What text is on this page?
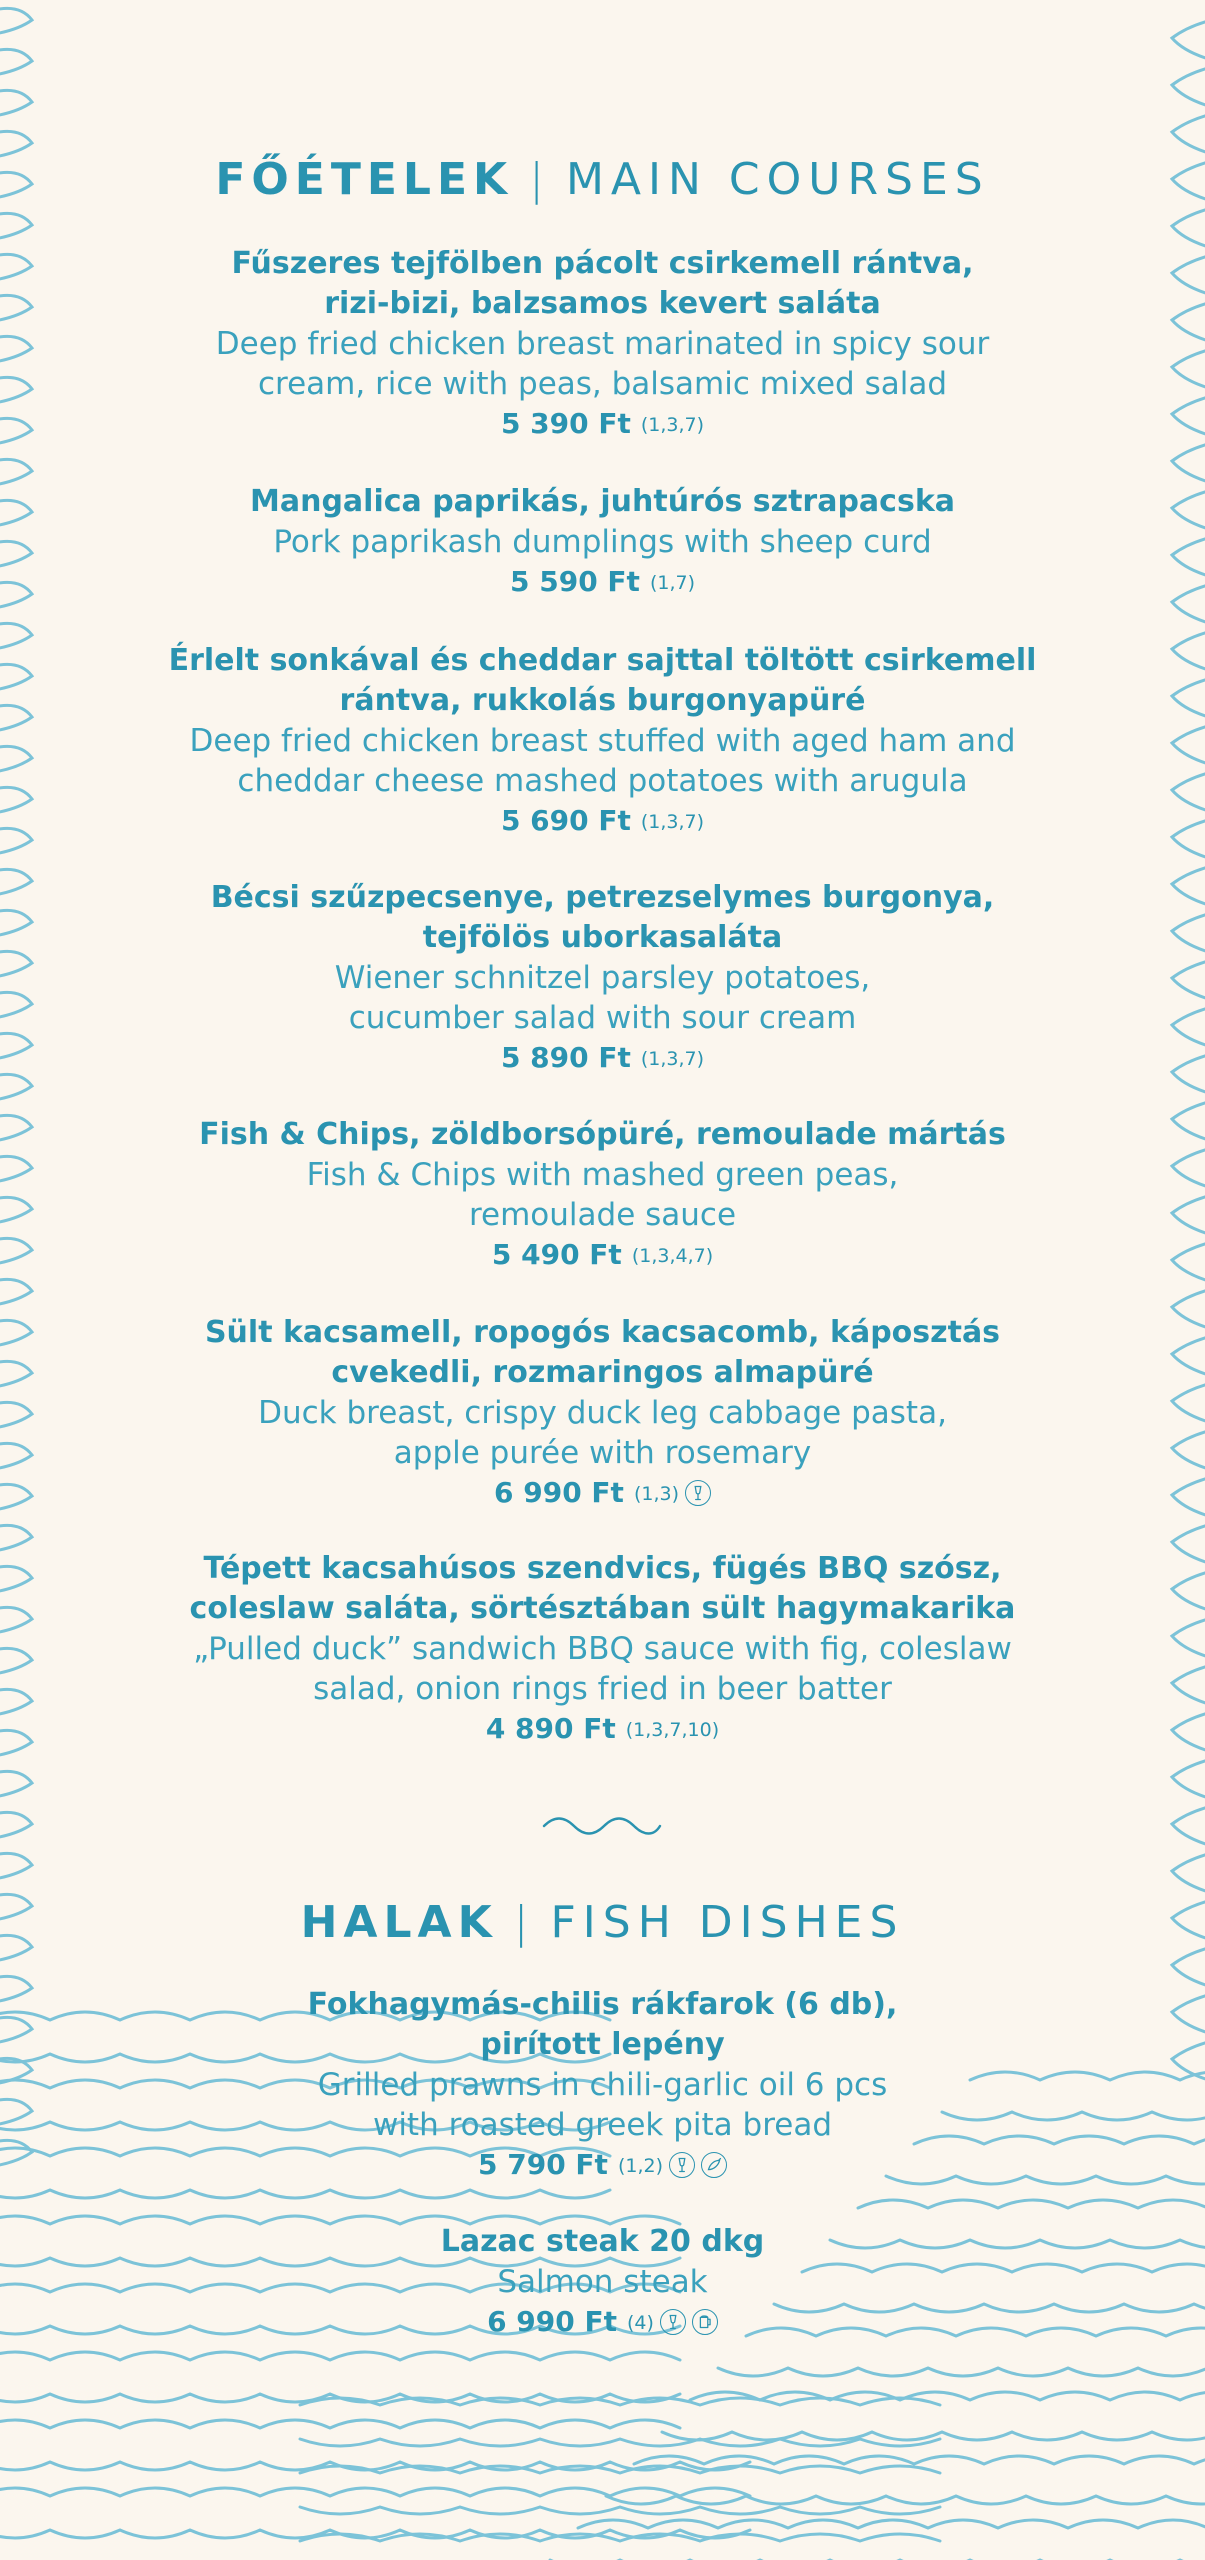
FŐÉTELEK | MAIN COURSES
Fűszeres tejfölben pácolt csirkemell rántva,
rizi-bizi, balzsamos kevert saláta
Deep fried chicken breast marinated in spicy sour
cream, rice with peas, balsamic mixed salad
5 390 Ft (1,3,7)
Mangalica paprikás, juhtúrós sztrapacska
Pork paprikash dumplings with sheep curd
5 590 Ft (1,7)
Érlelt sonkával és cheddar sajttal töltött csirkemell
rántva, rukkolás burgonyapüré
Deep fried chicken breast stuffed with aged ham and
cheddar cheese mashed potatoes with arugula
5 690 Ft (1,3,7)
Bécsi szűzpecsenye, petrezselymes burgonya,
tejfölös uborkasaláta
Wiener schnitzel parsley potatoes,
cucumber salad with sour cream
5 890 Ft (1,3,7)
Fish & Chips, zöldborsópüré, remoulade mártás
Fish & Chips with mashed green peas,
remoulade sauce
5 490 Ft (1,3,4,7)
Sült kacsamell, ropogós kacsacomb, káposztás
cvekedli, rozmaringos almapüré
Duck breast, crispy duck leg cabbage pasta,
apple purée with rosemary
6 990 Ft (1,3)
Tépett kacsahúsos szendvics, fügés BBQ szósz,
coleslaw saláta, sörtésztában sült hagymakarika
„Pulled duck” sandwich BBQ sauce with fig, coleslaw
salad, onion rings fried in beer batter
4 890 Ft (1,3,7,10)
HALAK | FISH DISHES
Fokhagymás-chilis rákfarok (6 db),
pirított lepény
Grilled prawns in chili-garlic oil 6 pcs
with roasted greek pita bread
5 790 Ft (1,2)
Lazac steak 20 dkg
Salmon steak
6 990 Ft (4)
